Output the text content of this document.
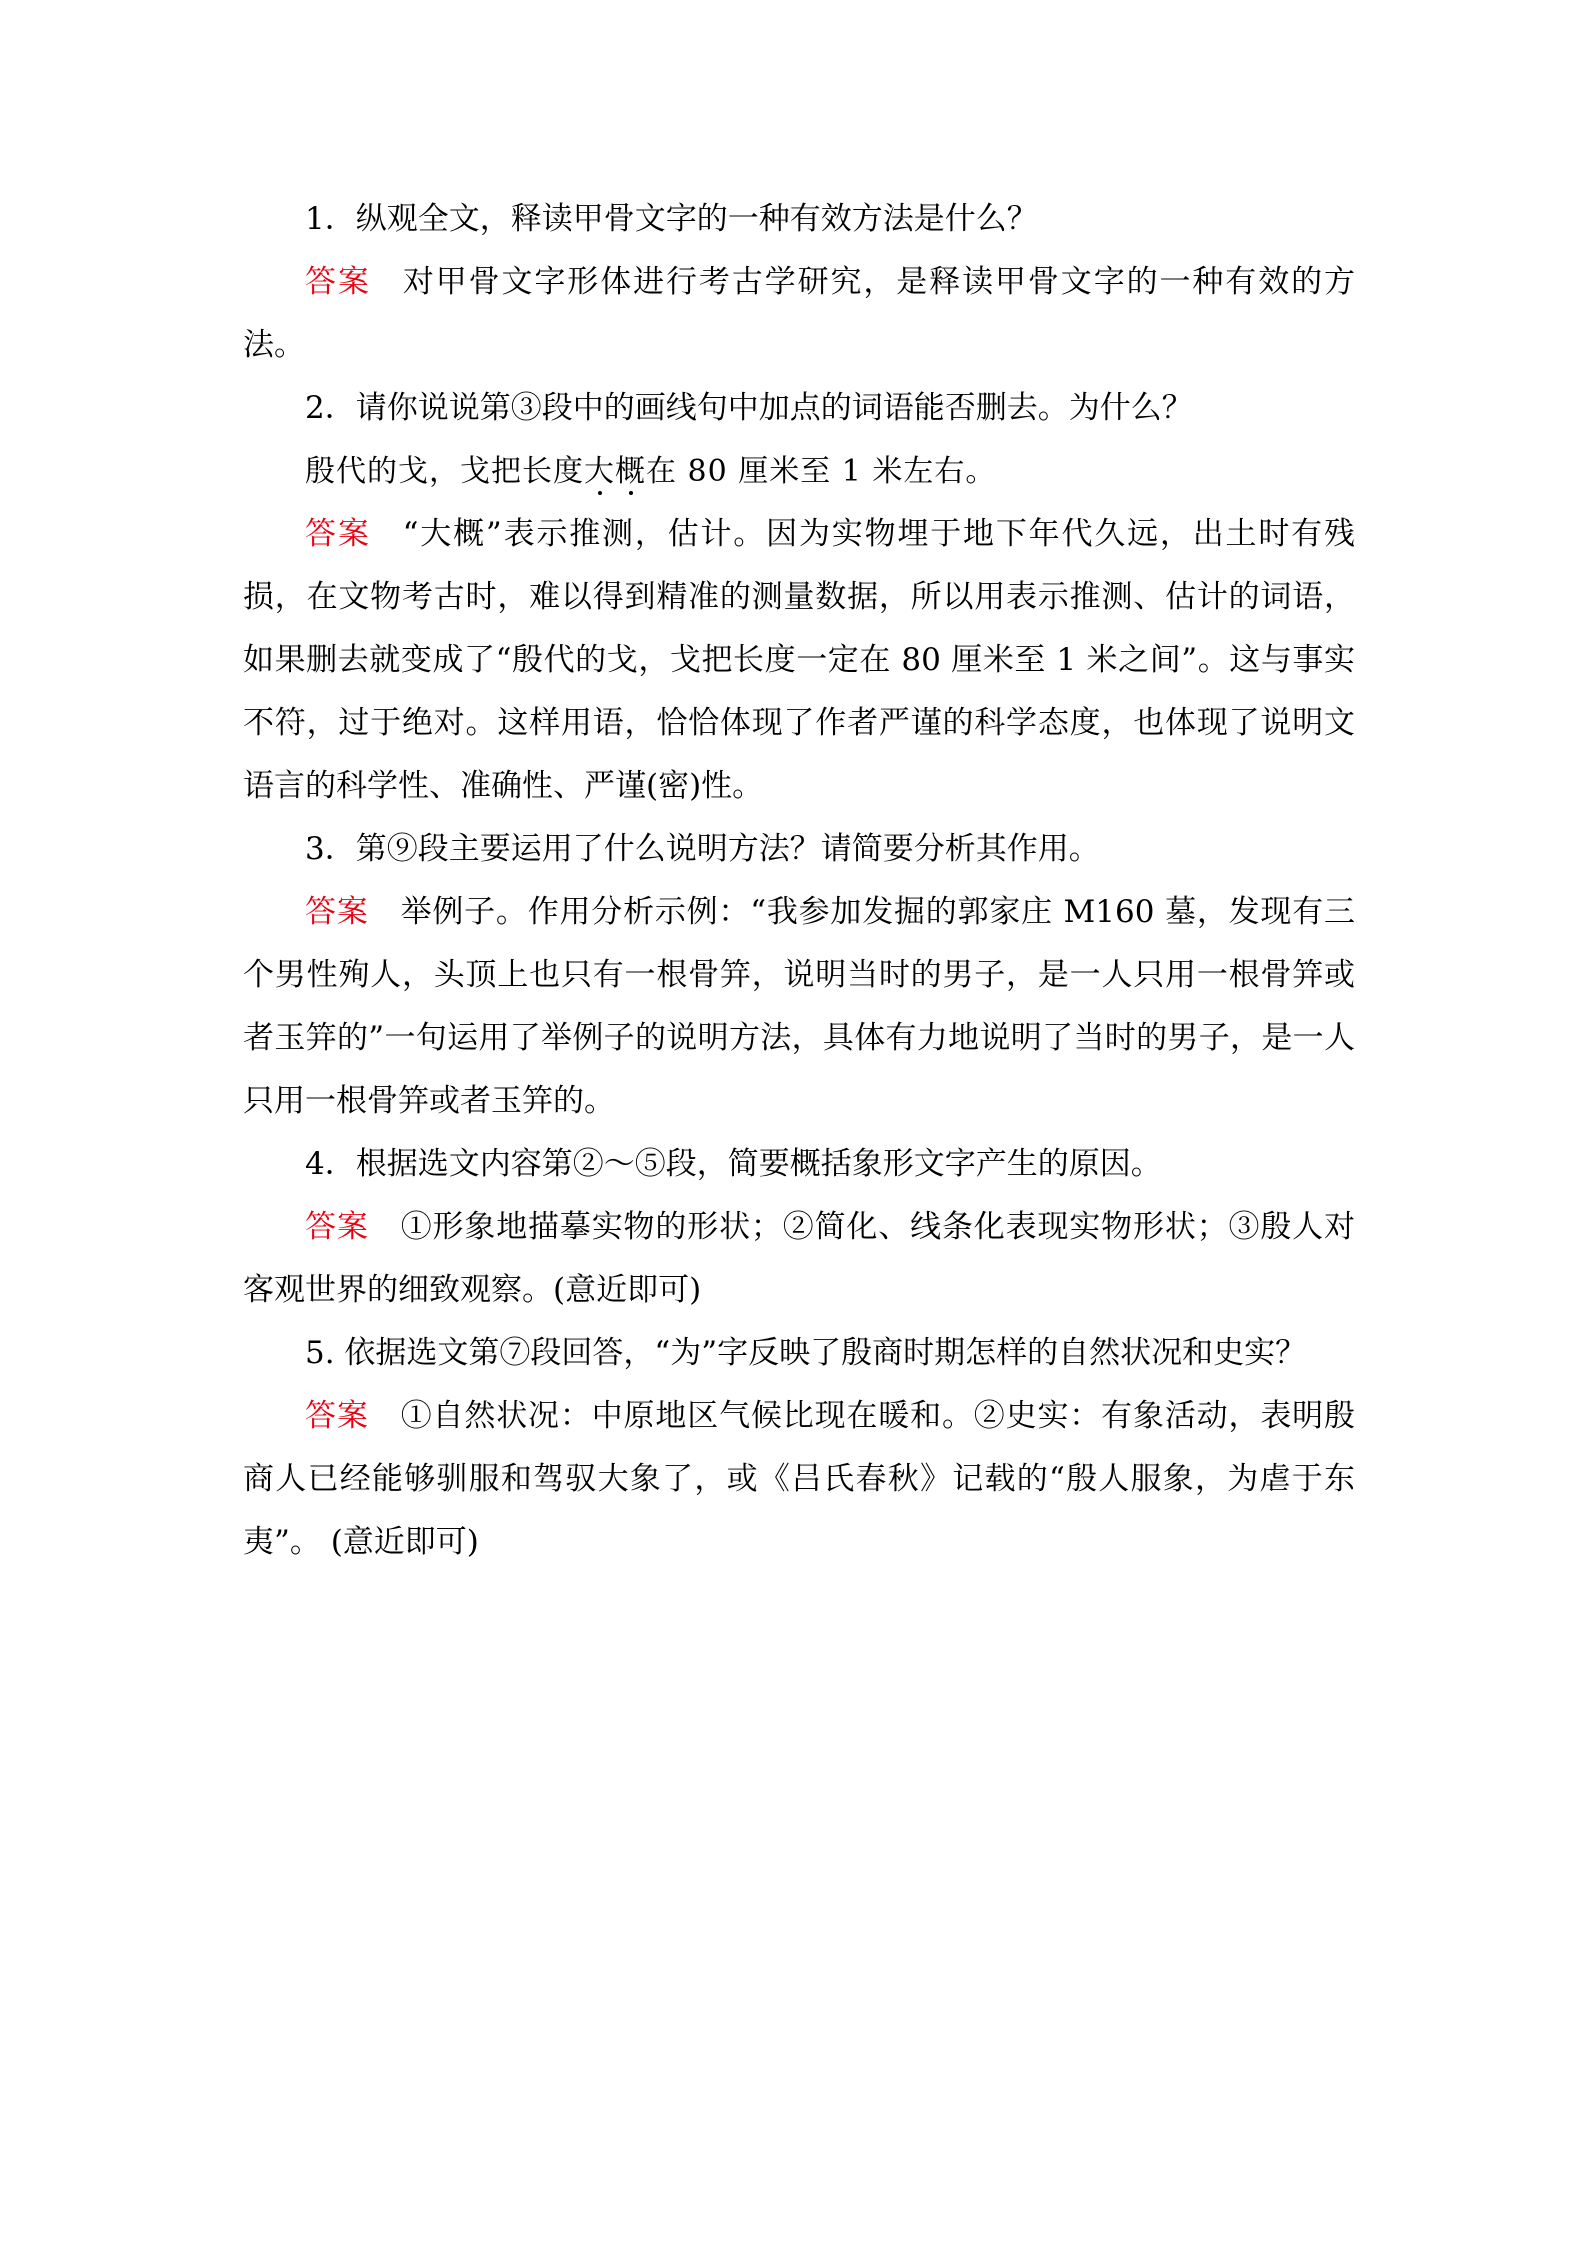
1．纵观全文，释读甲骨文字的一种有效方法是什么？

答案 对甲骨文字形体进行考古学研究，是释读甲骨文字的一种有效的方法。

2．请你说说第③段中的画线句中加点的词语能否删去。为什么？

殷代的戈，戈把长度大概在 80 厘米至 1 米左右。

答案 “大概”表示推测，估计。因为实物埋于地下年代久远，出土时有残损，在文物考古时，难以得到精准的测量数据，所以用表示推测、估计的词语，如果删去就变成了“殷代的戈，戈把长度一定在 80 厘米至 1 米之间”。这与事实不符，过于绝对。这样用语，恰恰体现了作者严谨的科学态度，也体现了说明文语言的科学性、准确性、严谨(密)性。

3．第⑨段主要运用了什么说明方法？请简要分析其作用。

答案 举例子。作用分析示例：“我参加发掘的郭家庄 M160 墓，发现有三个男性殉人，头顶上也只有一根骨笄，说明当时的男子，是一人只用一根骨笄或者玉笄的”一句运用了举例子的说明方法，具体有力地说明了当时的男子，是一人只用一根骨笄或者玉笄的。

4．根据选文内容第②～⑤段，简要概括象形文字产生的原因。

答案 ①形象地描摹实物的形状；②简化、线条化表现实物形状；③殷人对客观世界的细致观察。(意近即可)

5. 依据选文第⑦段回答，“为”字反映了殷商时期怎样的自然状况和史实？

答案 ①自然状况：中原地区气候比现在暖和。②史实：有象活动，表明殷商人已经能够驯服和驾驭大象了，或《吕氏春秋》记载的“殷人服象，为虐于东夷”。 (意近即可)
